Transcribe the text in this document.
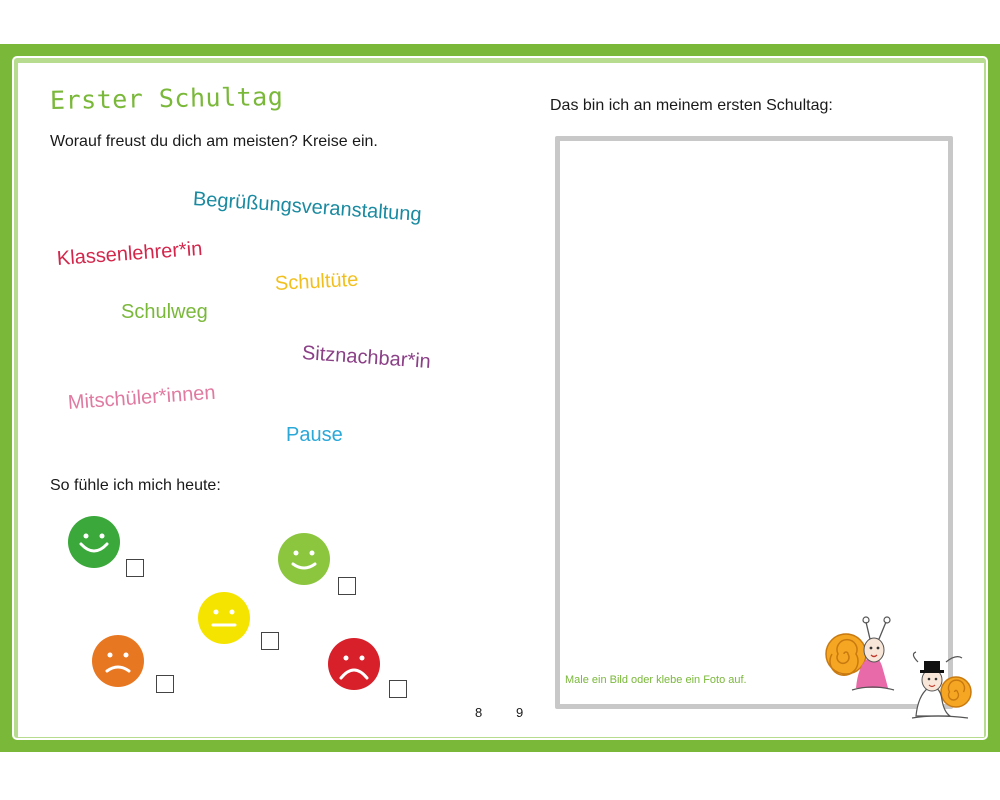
Erster Schultag
Worauf freust du dich am meisten? Kreise ein.
Begrüßungsveranstaltung
Klassenlehrer*in
Schultüte
Schulweg
Sitznachbar*in
Mitschüler*innen
Pause
So fühle ich mich heute:
8
Das bin ich an meinem ersten Schultag:
Male ein Bild oder klebe ein Foto auf.
9
